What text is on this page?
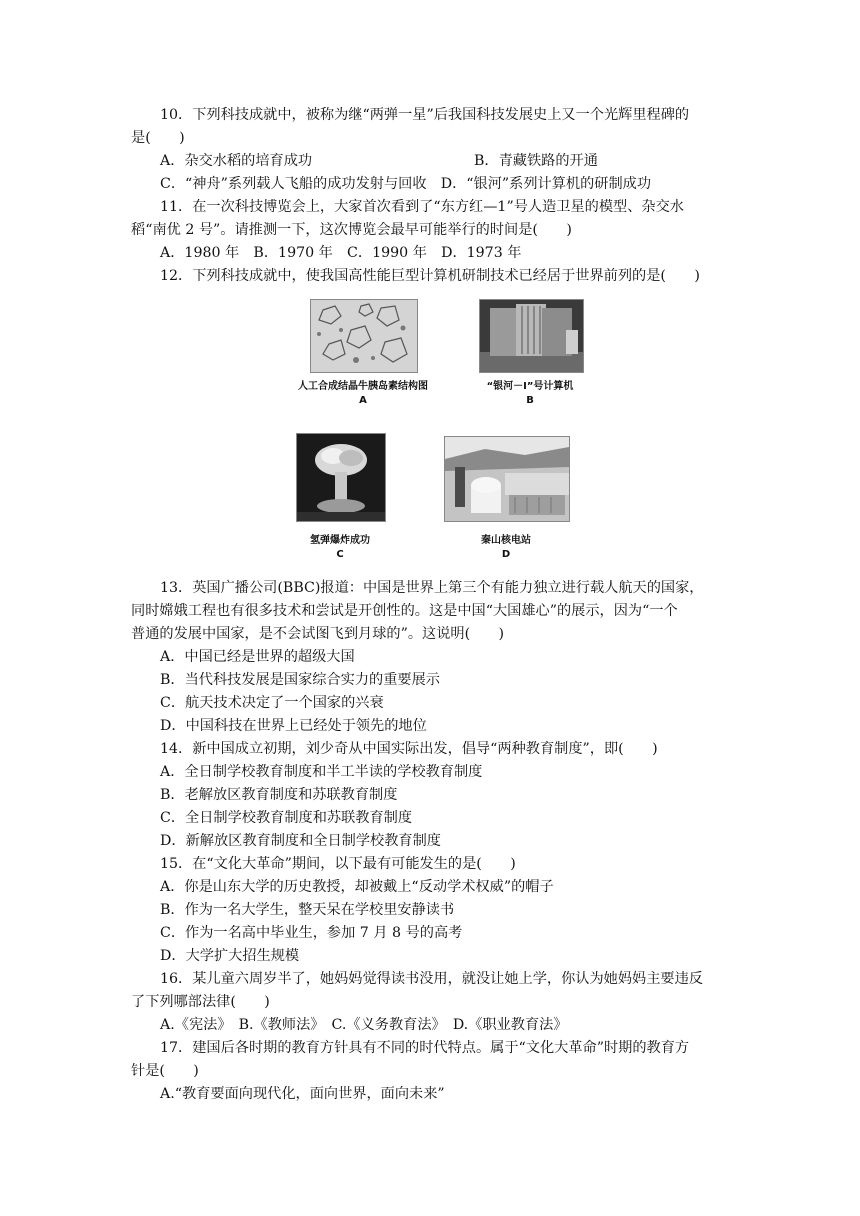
10．下列科技成就中，被称为继“两弹一星”后我国科技发展史上又一个光辉里程碑的
是(　　)
A．杂交水稻的培育成功	B．青藏铁路的开通
C．“神舟”系列载人飞船的成功发射与回收　D．“银河”系列计算机的研制成功
11．在一次科技博览会上，大家首次看到了“东方红—1”号人造卫星的模型、杂交水
稻“南优 2 号”。请推测一下，这次博览会最早可能举行的时间是(　　)
A．1980 年　B．1970 年　C．1990 年　D．1973 年
12．下列科技成就中，使我国高性能巨型计算机研制技术已经居于世界前列的是(　　)
人工合成结晶牛胰岛素结构图
A
“银河－Ⅰ”号计算机
B
氢弹爆炸成功
C
秦山核电站
D
13．英国广播公司(BBC)报道：中国是世界上第三个有能力独立进行载人航天的国家，
同时嫦娥工程也有很多技术和尝试是开创性的。这是中国“大国雄心”的展示，因为“一个
普通的发展中国家，是不会试图飞到月球的”。这说明(　　)
A．中国已经是世界的超级大国
B．当代科技发展是国家综合实力的重要展示
C．航天技术决定了一个国家的兴衰
D．中国科技在世界上已经处于领先的地位
14．新中国成立初期，刘少奇从中国实际出发，倡导“两种教育制度”，即(　　)
A．全日制学校教育制度和半工半读的学校教育制度
B．老解放区教育制度和苏联教育制度
C．全日制学校教育制度和苏联教育制度
D．新解放区教育制度和全日制学校教育制度
15．在“文化大革命”期间，以下最有可能发生的是(　　)
A．你是山东大学的历史教授，却被戴上“反动学术权威”的帽子
B．作为一名大学生，整天呆在学校里安静读书
C．作为一名高中毕业生，参加 7 月 8 号的高考
D．大学扩大招生规模
16．某儿童六周岁半了，她妈妈觉得读书没用，就没让她上学，你认为她妈妈主要违反
了下列哪部法律(　　)
A.《宪法》　B.《教师法》　C.《义务教育法》　D.《职业教育法》
17．建国后各时期的教育方针具有不同的时代特点。属于“文化大革命”时期的教育方
针是(　　)
A.“教育要面向现代化，面向世界，面向未来”
